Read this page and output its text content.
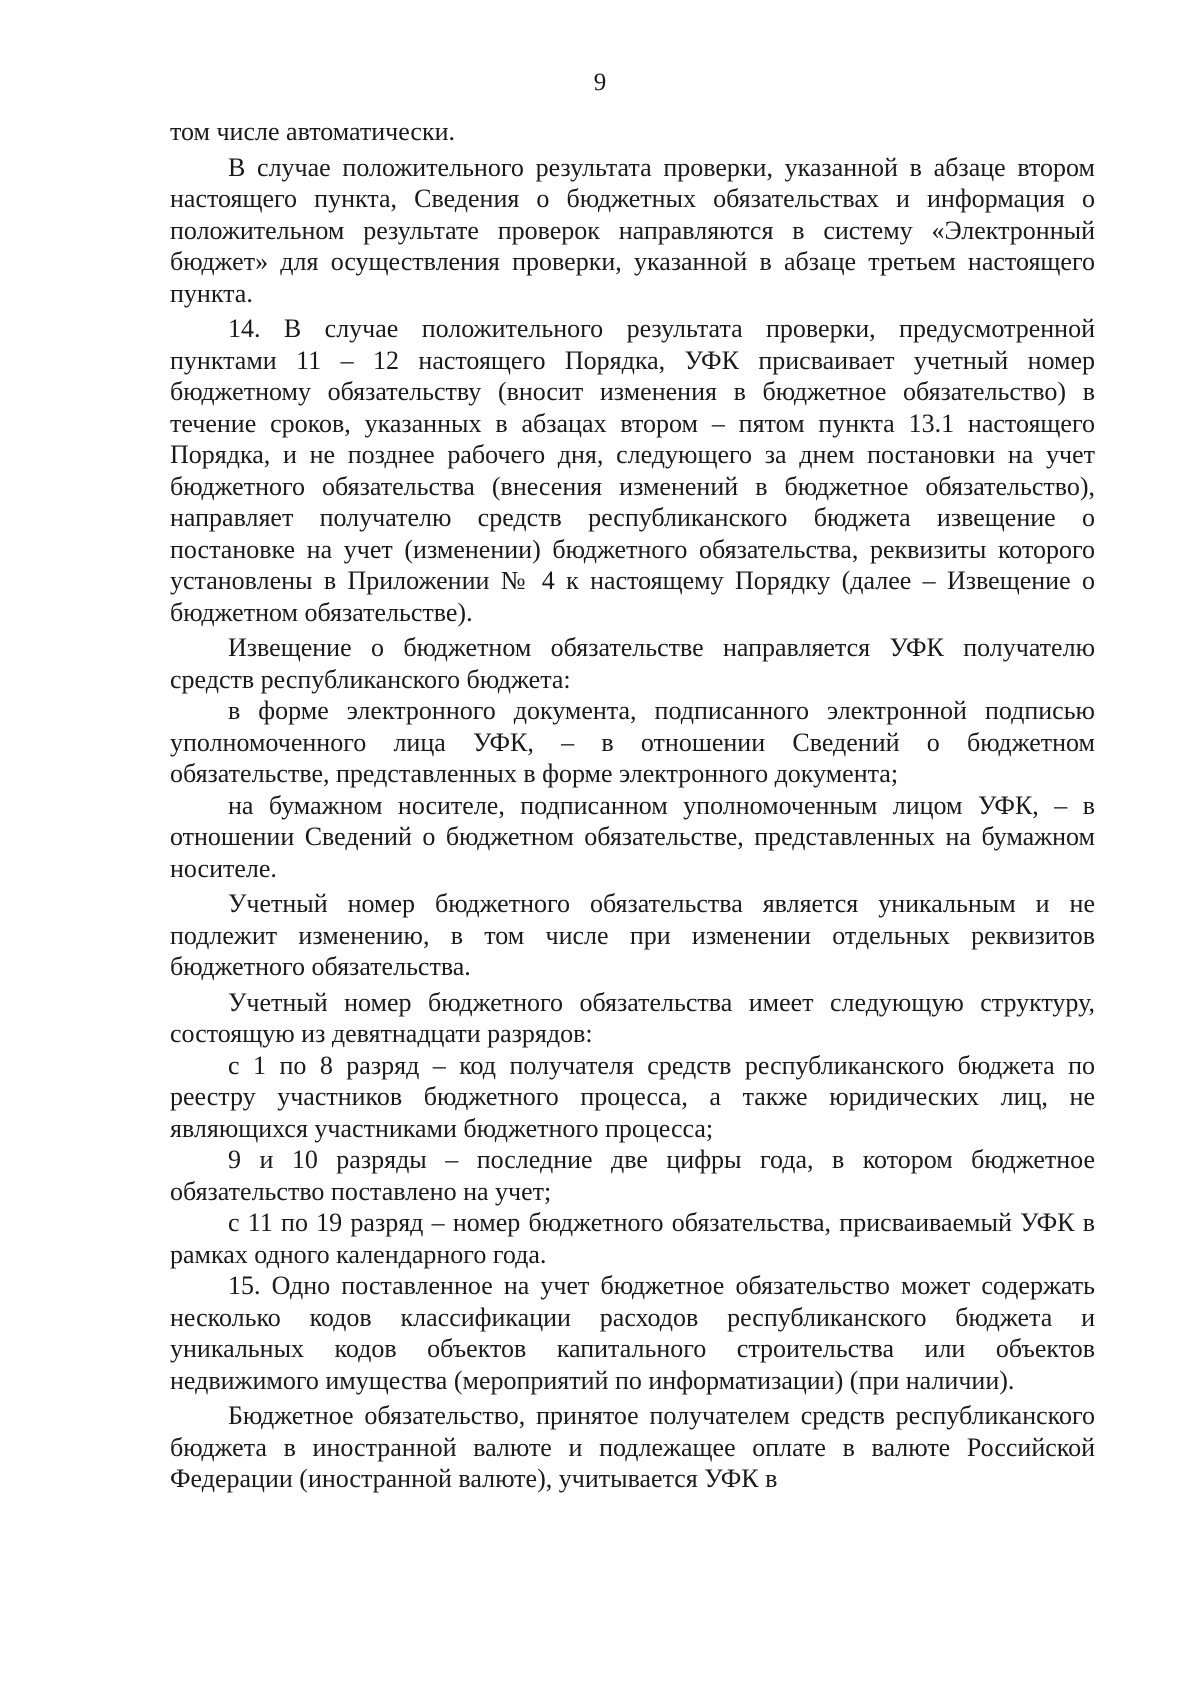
9

том числе автоматически.

В случае положительного результата проверки, указанной в абзаце втором настоящего пункта, Сведения о бюджетных обязательствах и информация о положительном результате проверок направляются в систему «Электронный бюджет» для осуществления проверки, указанной в абзаце третьем настоящего пункта.

14. В случае положительного результата проверки, предусмотренной пунктами 11 – 12 настоящего Порядка, УФК присваивает учетный номер бюджетному обязательству (вносит изменения в бюджетное обязательство) в течение сроков, указанных в абзацах втором – пятом пункта 13.1 настоящего Порядка, и не позднее рабочего дня, следующего за днем постановки на учет бюджетного обязательства (внесения изменений в бюджетное обязательство), направляет получателю средств республиканского бюджета извещение о постановке на учет (изменении) бюджетного обязательства, реквизиты которого установлены в Приложении № 4 к настоящему Порядку (далее – Извещение о бюджетном обязательстве).

Извещение о бюджетном обязательстве направляется УФК получателю средств республиканского бюджета:

в форме электронного документа, подписанного электронной подписью уполномоченного лица УФК, – в отношении Сведений о бюджетном обязательстве, представленных в форме электронного документа;

на бумажном носителе, подписанном уполномоченным лицом УФК, – в отношении Сведений о бюджетном обязательстве, представленных на бумажном носителе.

Учетный номер бюджетного обязательства является уникальным и не подлежит изменению, в том числе при изменении отдельных реквизитов бюджетного обязательства.

Учетный номер бюджетного обязательства имеет следующую структуру, состоящую из девятнадцати разрядов:

с 1 по 8 разряд – код получателя средств республиканского бюджета по реестру участников бюджетного процесса, а также юридических лиц, не являющихся участниками бюджетного процесса;

9 и 10 разряды – последние две цифры года, в котором бюджетное обязательство поставлено на учет;

с 11 по 19 разряд – номер бюджетного обязательства, присваиваемый УФК в рамках одного календарного года.

15. Одно поставленное на учет бюджетное обязательство может содержать несколько кодов классификации расходов республиканского бюджета и уникальных кодов объектов капитального строительства или объектов недвижимого имущества (мероприятий по информатизации) (при наличии).

Бюджетное обязательство, принятое получателем средств республиканского бюджета в иностранной валюте и подлежащее оплате в валюте Российской Федерации (иностранной валюте), учитывается УФК в
